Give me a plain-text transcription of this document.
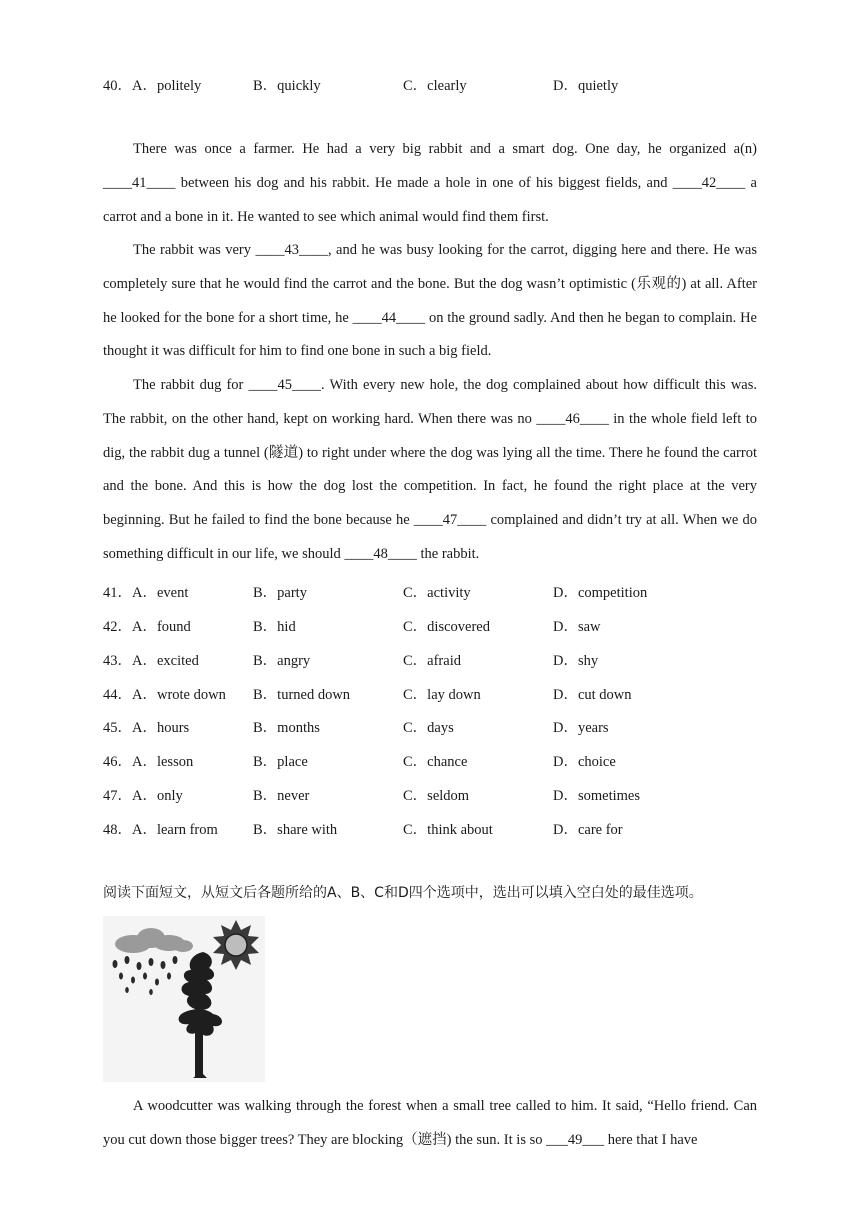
40．A．politely	B．quickly	C．clearly	D．quietly

There was once a farmer. He had a very big rabbit and a smart dog. One day, he organized a(n) ____41____ between his dog and his rabbit. He made a hole in one of his biggest fields, and ____42____ a carrot and a bone in it. He wanted to see which animal would find them first.

The rabbit was very ____43____, and he was busy looking for the carrot, digging here and there. He was completely sure that he would find the carrot and the bone. But the dog wasn’t optimistic (乐观的) at all. After he looked for the bone for a short time, he ____44____ on the ground sadly. And then he began to complain. He thought it was difficult for him to find one bone in such a big field.

The rabbit dug for ____45____. With every new hole, the dog complained about how difficult this was. The rabbit, on the other hand, kept on working hard. When there was no ____46____ in the whole field left to dig, the rabbit dug a tunnel (隧道) to right under where the dog was lying all the time. There he found the carrot and the bone. And this is how the dog lost the competition. In fact, he found the right place at the very beginning. But he failed to find the bone because he ____47____ complained and didn’t try at all. When we do something difficult in our life, we should ____48____ the rabbit.

41．A．event	B．party	C．activity	D．competition
42．A．found	B．hid	C．discovered	D．saw
43．A．excited	B．angry	C．afraid	D．shy
44．A．wrote down B．turned down	C．lay down	D．cut down
45．A．hours	B．months	C．days	D．years
46．A．lesson	B．place	C．chance	D．choice
47．A．only	B．never	C．seldom	D．sometimes
48．A．learn from B．share with	C．think about	D．care for
阅读下面短文，从短文后各题所给的A、B、C和D四个选项中，选出可以填入空白处的最佳选项。

A woodcutter was walking through the forest when a small tree called to him. It said, “Hello friend. Can you cut down those bigger trees? They are blocking（遮挡) the sun. It is so ___49___ here that I have
